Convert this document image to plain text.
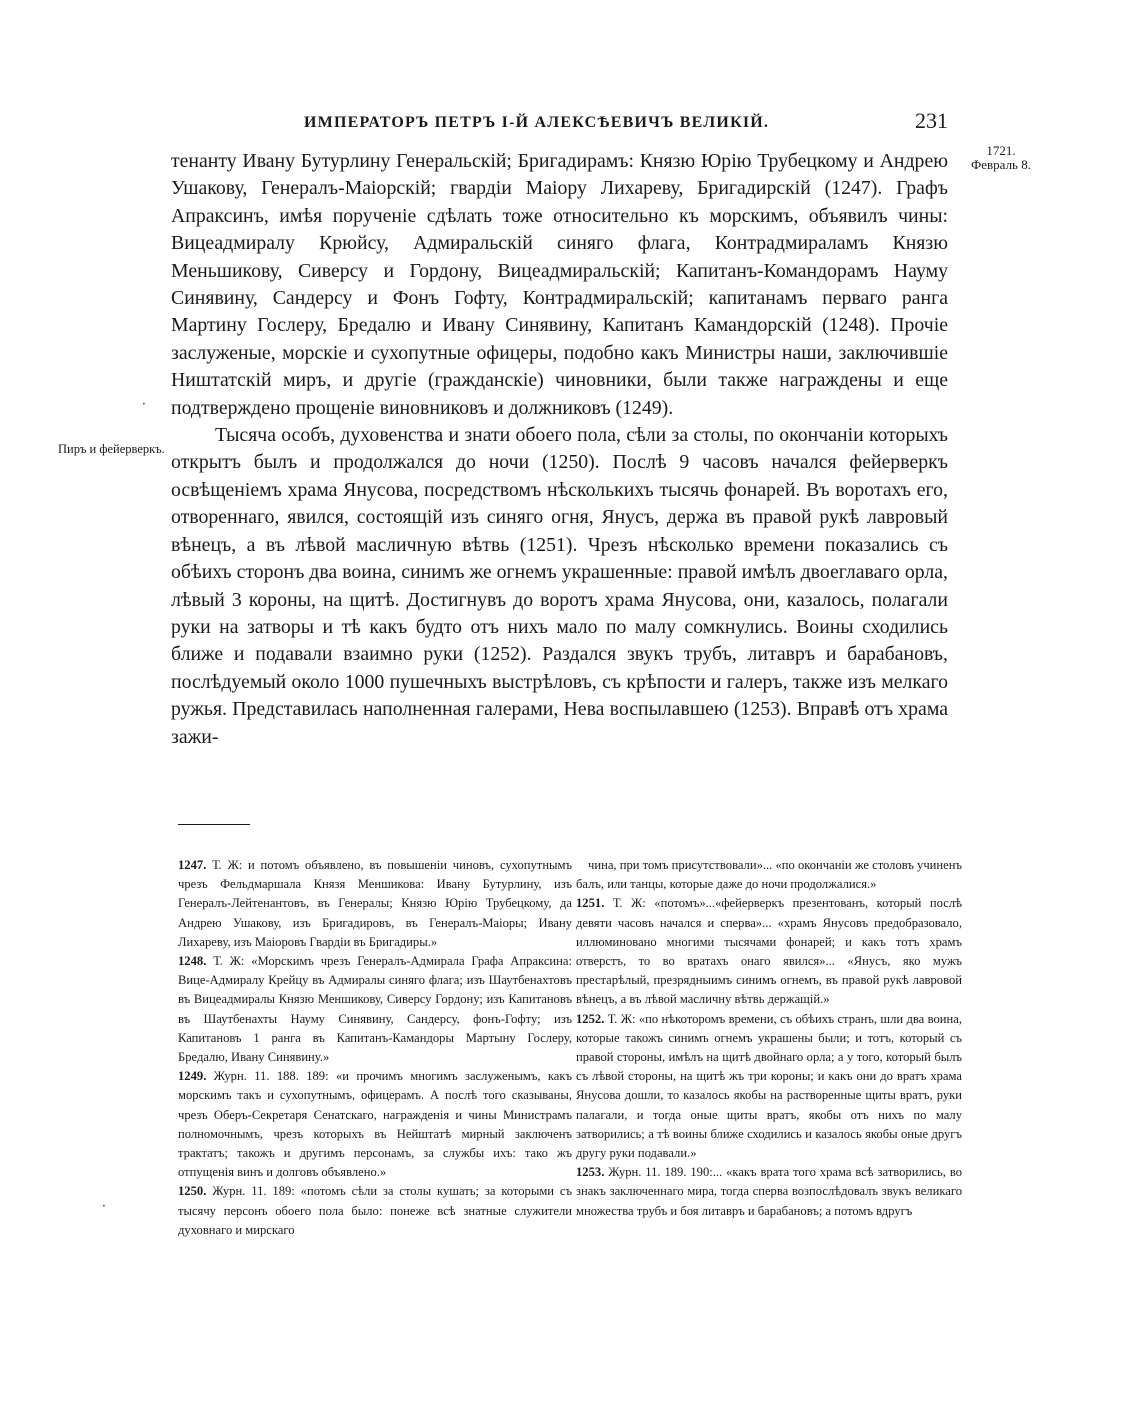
ИМПЕРАТОРЪ ПЕТРЪ I-Й АЛЕКСѢЕВИЧЪ ВЕЛИКІЙ.	231
1721.
Февраль 8.
Пиръ и фейерверкъ.

тенанту Ивану Бутурлину Генеральскій; Бригадирамъ: Князю Юрію Трубецкому и Андрею Ушакову, Генералъ-Маіорскій; гвардіи Маіору Лихареву, Бригадирскій (1247). Графъ Апраксинъ, имѣя порученіе сдѣлать тоже относительно къ морскимъ, объявилъ чины: Вицеадмиралу Крюйсу, Адмиральскій синяго флага, Контрадмираламъ Князю Меньшикову, Сиверсу и Гордону, Вицеадмиральскій; Капитанъ-Командорамъ Науму Синявину, Сандерсу и Фонъ Гофту, Контрадмиральскій; капитанамъ перваго ранга Мартину Гослеру, Бредалю и Ивану Синявину, Капитанъ Камандорскій (1248). Прочіе заслуженые, морскіе и сухопутные офицеры, подобно какъ Министры наши, заключившіе Ништатскій миръ, и другіе (гражданскіе) чиновники, были также награждены и еще подтверждено прощеніе виновниковъ и должниковъ (1249).

Тысяча особъ, духовенства и знати обоего пола, сѣли за столы, по окончаніи которыхъ открытъ былъ и продолжался до ночи (1250). Послѣ 9 часовъ начался фейерверкъ освѣщеніемъ храма Янусова, посредствомъ нѣсколькихъ тысячь фонарей. Въ воротахъ его, отвореннаго, явился, состоящій изъ синяго огня, Янусъ, держа въ правой рукѣ лавровый вѣнецъ, а въ лѣвой масличную вѣтвь (1251). Чрезъ нѣсколько времени показались съ обѣихъ сторонъ два воина, синимъ же огнемъ украшенные: правой имѣлъ двоеглаваго орла, лѣвый 3 короны, на щитѣ. Достигнувъ до воротъ храма Янусова, они, казалось, полагали руки на затворы и тѣ какъ будто отъ нихъ мало по малу сомкнулись. Воины сходились ближе и подавали взаимно руки (1252). Раздался звукъ трубъ, литавръ и барабановъ, послѣдуемый около 1000 пушечныхъ выстрѣловъ, съ крѣпости и галеръ, также изъ мелкаго ружья. Представилась наполненная галерами, Нева воспылавшею (1253). Вправѣ отъ храма зажи-

1247. Т. Ж: и потомъ объявлено, въ повышеніи чиновъ, сухопутнымъ чрезъ Фельдмаршала Князя Меншикова: Ивану Бутурлину, изъ Генералъ-Лейтенантовъ, въ Генералы; Князю Юрію Трубецкому, да Андрею Ушакову, изъ Бригадировъ, въ Генералъ-Маіоры; Ивану Лихареву, изъ Маіоровъ Гвардіи въ Бригадиры.»

1248. Т. Ж: «Морскимъ чрезъ Генералъ-Адмирала Графа Апраксина: Вице-Адмиралу Крейцу въ Адмиралы синяго флага; изъ Шаутбенахтовъ въ Вицеадмиралы Князю Меншикову, Сиверсу Гордону; изъ Капитановъ въ Шаутбенахты Науму Синявину, Сандерсу, фонъ-Гофту; изъ Капитановъ 1 ранга въ Капитанъ-Камандоры Мартыну Гослеру, Бредалю, Ивану Синявину.»

1249. Журн. 11. 188. 189: «и прочимъ многимъ заслуженымъ, какъ морскимъ такъ и сухопутнымъ, офицерамъ. А послѣ того сказываны, чрезъ Оберъ-Секретаря Сенатскаго, награжденія и чины Министрамъ полномочнымъ, чрезъ которыхъ въ Нейштатѣ мирный заключенъ трактатъ; такожъ и другимъ персонамъ, за службы ихъ: тако жъ отпущенія винъ и долговъ объявлено.»

1250. Журн. 11. 189: «потомъ сѣли за столы кушать; за которыми съ тысячу персонъ обоего пола было: понеже всѣ знатные служители духовнаго и мирскаго

чина, при томъ присутствовали»... «по окончаніи же столовъ учиненъ балъ, или танцы, которые даже до ночи продолжалися.»

1251. Т. Ж: «потомъ»...«фейерверкъ презентованъ, который послѣ девяти часовъ начался и сперва»... «храмъ Янусовъ предобразовало, иллюминовано многими тысячами фонарей; и какъ тотъ храмъ отверстъ, то во вратахъ онаго явился»... «Янусъ, яко мужъ престарѣлый, презрядныимъ синимъ огнемъ, въ правой рукѣ лавровой вѣнецъ, а въ лѣвой масличну вѣтвь держащій.»

1252. Т. Ж: «по нѣкоторомъ времени, съ обѣихъ странъ, шли два воина, которые такожъ синимъ огнемъ украшены были; и тотъ, который съ правой стороны, имѣлъ на щитѣ двойнаго орла; а у того, который былъ съ лѣвой стороны, на щитѣ жъ три короны; и какъ они до вратъ храма Янусова дошли, то казалось якобы на растворенные щиты вратъ, руки палагали, и тогда оные щиты вратъ, якобы отъ нихъ по малу затворились; а тѣ воины ближе сходились и казалось якобы оные другъ другу руки подавали.»

1253. Журн. 11. 189. 190:... «какъ врата того храма всѣ затворились, во знакъ заключеннаго мира, тогда сперва возпослѣдовалъ звукъ великаго множества трубъ и боя литавръ и барабановъ; а потомъ вдругъ

·
·
